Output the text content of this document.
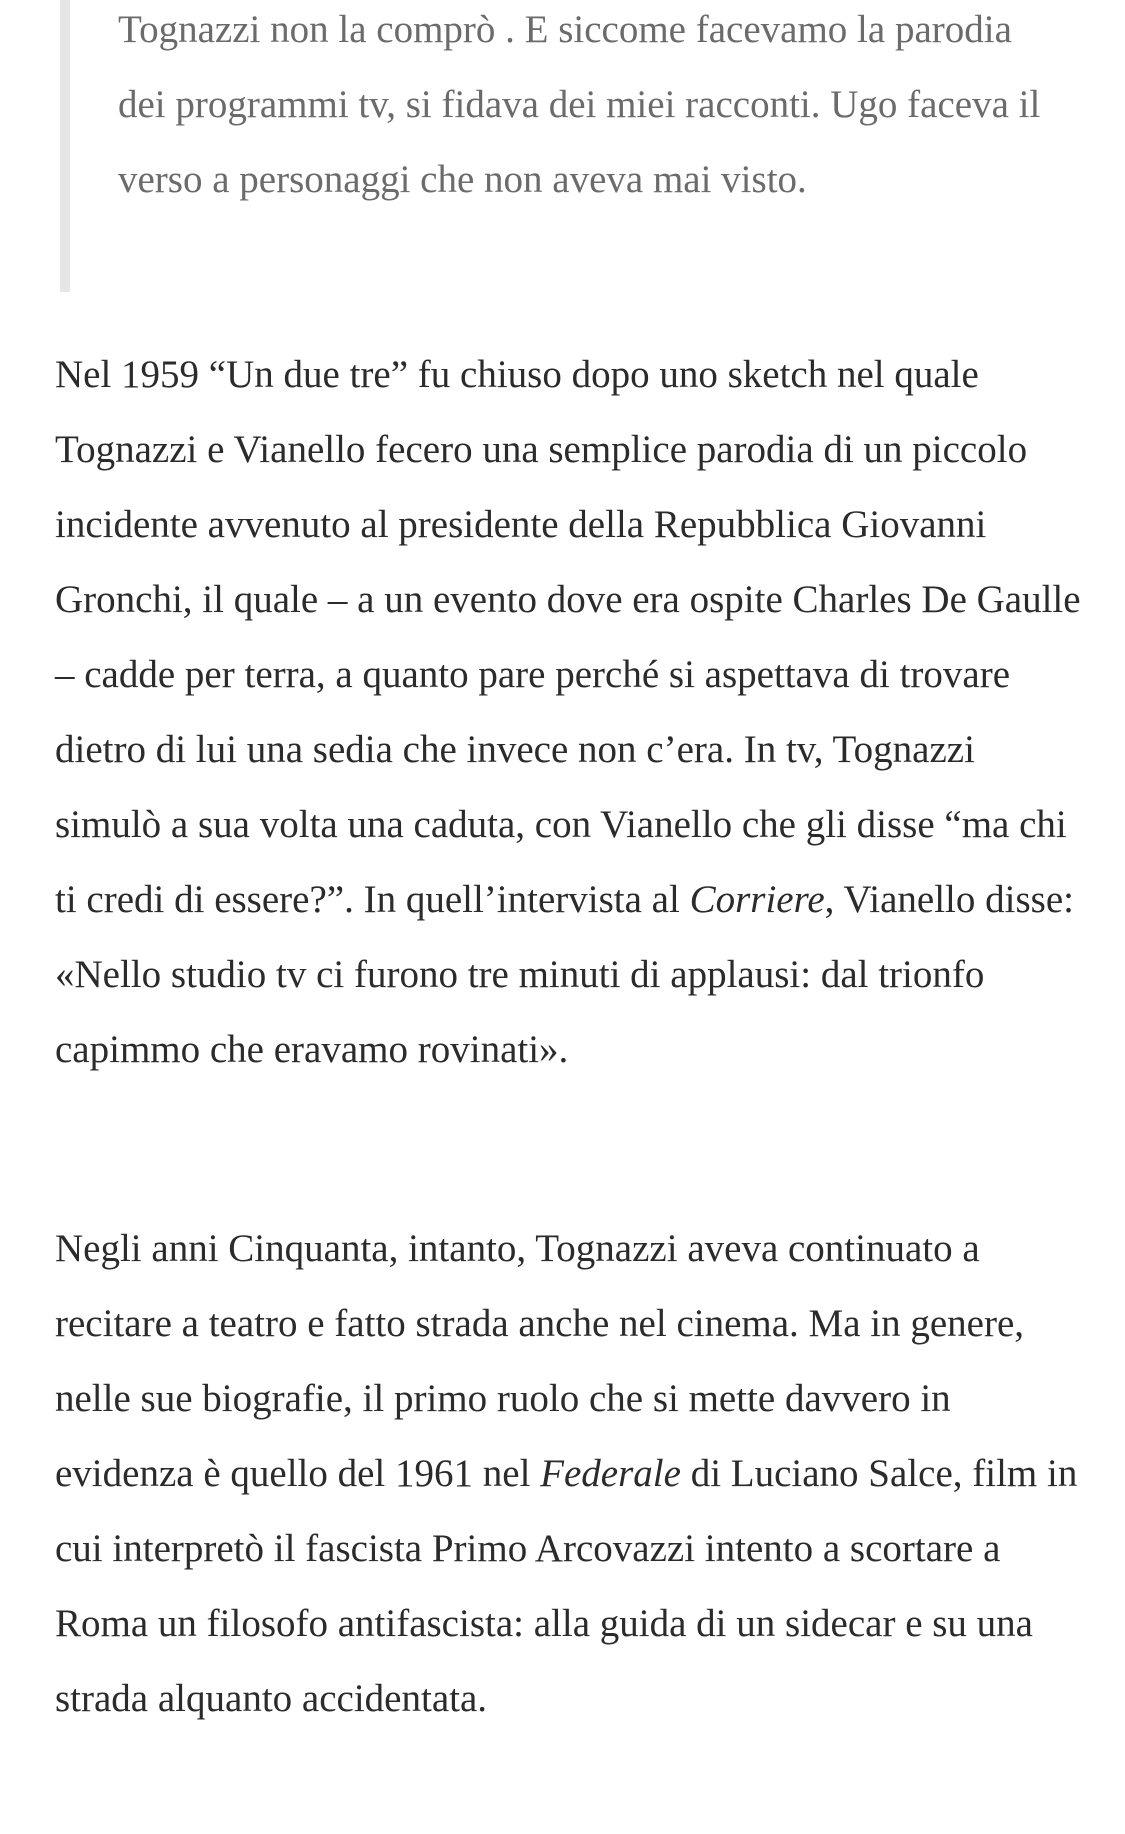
Tognazzi non la comprò . E siccome facevamo la parodia dei programmi tv, si fidava dei miei racconti. Ugo faceva il verso a personaggi che non aveva mai visto.

Nel 1959 “Un due tre” fu chiuso dopo uno sketch nel quale Tognazzi e Vianello fecero una semplice parodia di un piccolo incidente avvenuto al presidente della Repubblica Giovanni Gronchi, il quale – a un evento dove era ospite Charles De Gaulle – cadde per terra, a quanto pare perché si aspettava di trovare dietro di lui una sedia che invece non c’era. In tv, Tognazzi simulò a sua volta una caduta, con Vianello che gli disse “ma chi ti credi di essere?”. In quell’intervista al Corriere, Vianello disse: «Nello studio tv ci furono tre minuti di applausi: dal trionfo capimmo che eravamo rovinati».

Negli anni Cinquanta, intanto, Tognazzi aveva continuato a recitare a teatro e fatto strada anche nel cinema. Ma in genere, nelle sue biografie, il primo ruolo che si mette davvero in evidenza è quello del 1961 nel Federale di Luciano Salce, film in cui interpretò il fascista Primo Arcovazzi intento a scortare a Roma un filosofo antifascista: alla guida di un sidecar e su una strada alquanto accidentata.
